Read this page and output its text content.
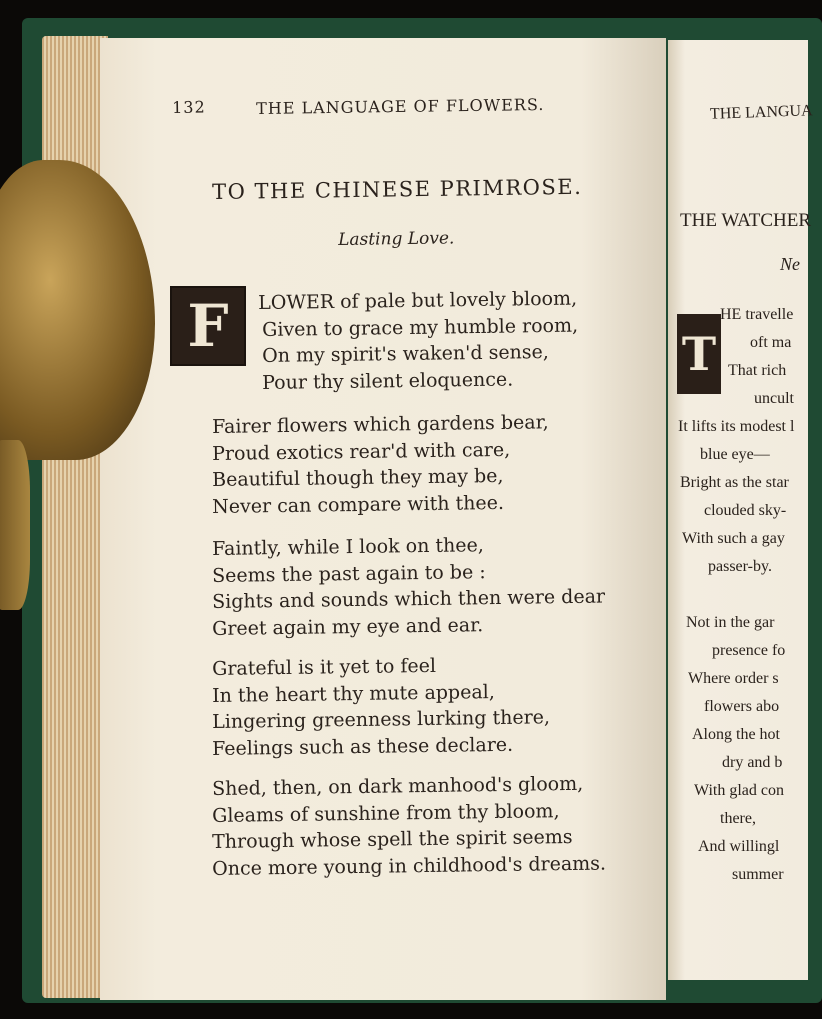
132	THE LANGUAGE OF FLOWERS.
TO THE CHINESE PRIMROSE.
Lasting Love.
F LOWER of pale but lovely bloom,
Given to grace my humble room,
On my spirit's waken'd sense,
Pour thy silent eloquence.
Fairer flowers which gardens bear,
Proud exotics rear'd with care,
Beautiful though they may be,
Never can compare with thee.
Faintly, while I look on thee,
Seems the past again to be :
Sights and sounds which then were dear
Greet again my eye and ear.
Grateful is it yet to feel
In the heart thy mute appeal,
Lingering greenness lurking there,
Feelings such as these declare.
Shed, then, on dark manhood's gloom,
Gleams of sunshine from thy bloom,
Through whose spell the spirit seems
Once more young in childhood's dreams.
THE LANGUA
THE WATCHER
Ne
T
HE travelle
oft ma
That rich
uncult
It lifts its modest l
blue eye—
Bright as the star
clouded sky-
With such a gay
passer-by.
Not in the gar
presence fo
Where order s
flowers abo
Along the hot
dry and b
With glad con
there,
And willingl
summer
